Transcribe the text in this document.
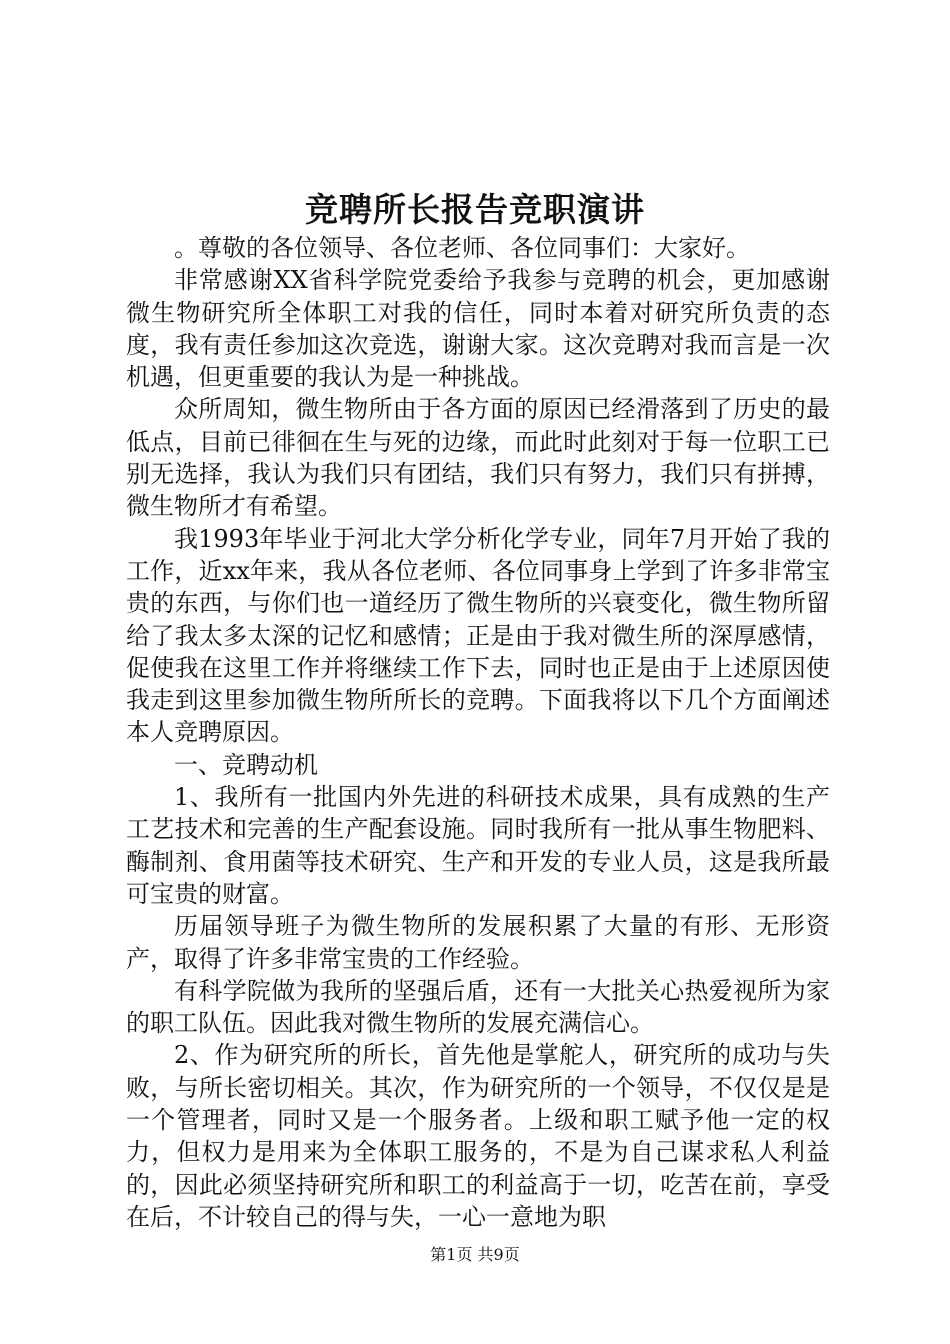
竞聘所长报告竞职演讲

。尊敬的各位领导、各位老师、各位同事们：大家好。

非常感谢XX省科学院党委给予我参与竞聘的机会，更加感谢微生物研究所全体职工对我的信任，同时本着对研究所负责的态度，我有责任参加这次竞选，谢谢大家。这次竞聘对我而言是一次机遇，但更重要的我认为是一种挑战。

众所周知，微生物所由于各方面的原因已经滑落到了历史的最低点，目前已徘徊在生与死的边缘，而此时此刻对于每一位职工已别无选择，我认为我们只有团结，我们只有努力，我们只有拼搏，微生物所才有希望。

我1993年毕业于河北大学分析化学专业，同年7月开始了我的工作，近xx年来，我从各位老师、各位同事身上学到了许多非常宝贵的东西，与你们也一道经历了微生物所的兴衰变化，微生物所留给了我太多太深的记忆和感情；正是由于我对微生所的深厚感情，促使我在这里工作并将继续工作下去，同时也正是由于上述原因使我走到这里参加微生物所所长的竞聘。下面我将以下几个方面阐述本人竞聘原因。

一、竞聘动机

1、我所有一批国内外先进的科研技术成果，具有成熟的生产工艺技术和完善的生产配套设施。同时我所有一批从事生物肥料、酶制剂、食用菌等技术研究、生产和开发的专业人员，这是我所最可宝贵的财富。

历届领导班子为微生物所的发展积累了大量的有形、无形资产，取得了许多非常宝贵的工作经验。

有科学院做为我所的坚强后盾，还有一大批关心热爱视所为家的职工队伍。因此我对微生物所的发展充满信心。

2、作为研究所的所长，首先他是掌舵人，研究所的成功与失败，与所长密切相关。其次，作为研究所的一个领导，不仅仅是是一个管理者，同时又是一个服务者。上级和职工赋予他一定的权力，但权力是用来为全体职工服务的，不是为自己谋求私人利益的，因此必须坚持研究所和职工的利益高于一切，吃苦在前，享受在后，不计较自己的得与失，一心一意地为职

第1页 共9页
